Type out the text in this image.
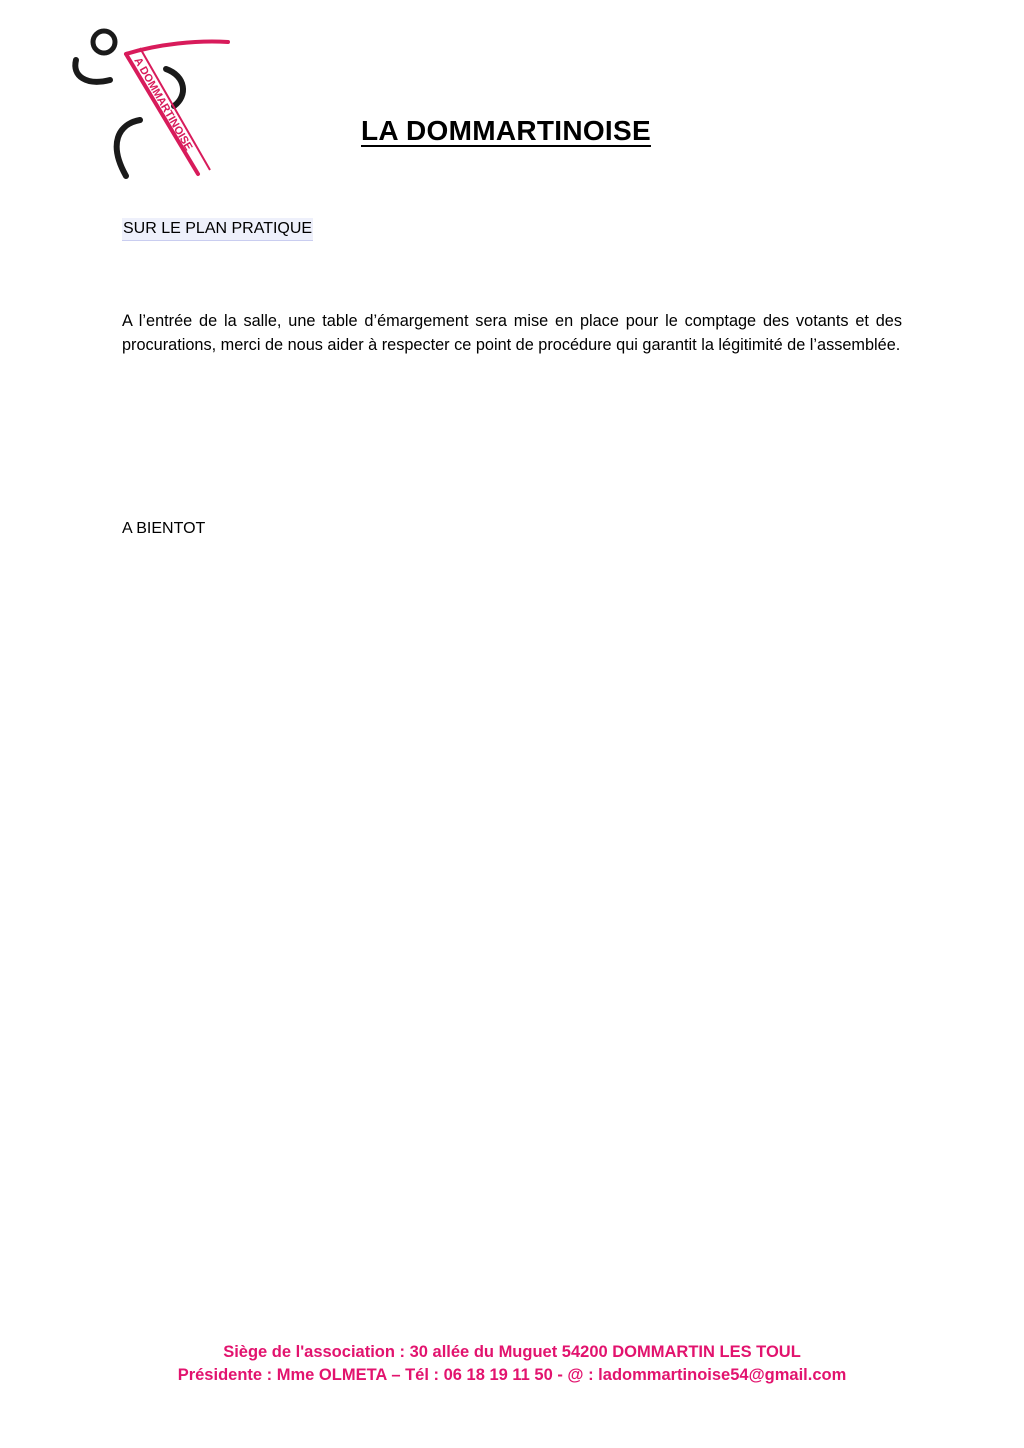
A DOMMARTINOISE	LA DOMMARTINOISE

SUR LE PLAN PRATIQUE

A l’entrée de la salle, une table d’émargement sera mise en place pour le comptage des votants et des procurations, merci de nous aider à respecter ce point de procédure qui garantit la légitimité de l’assemblée.

A BIENTOT

Siège de l'association : 30 allée du Muguet 54200 DOMMARTIN LES TOUL
Présidente : Mme OLMETA – Tél : 06 18 19 11 50 - @ : ladommartinoise54@gmail.com
